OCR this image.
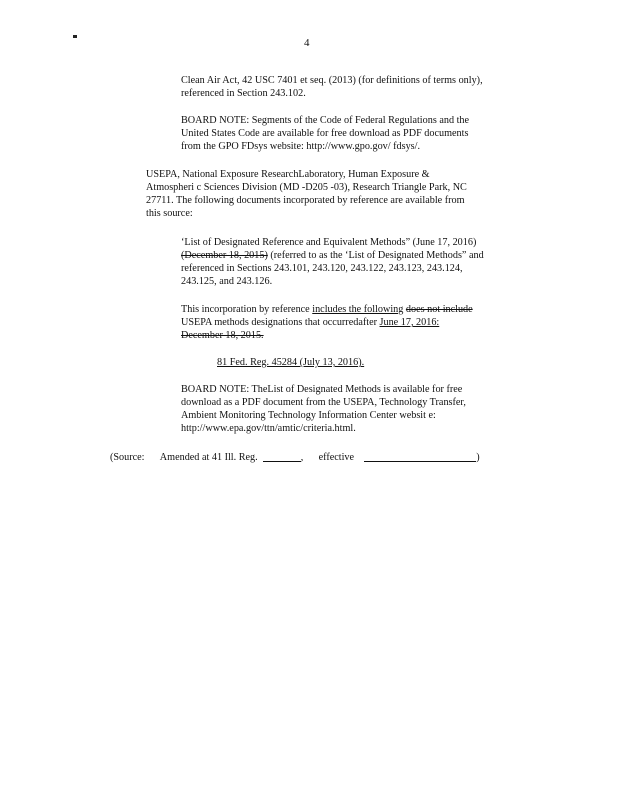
4
Clean Air Act, 42 USC 7401 et seq. (2013) (for definitions of terms only),
referenced in Section 243.102.
BOARD NOTE: Segments of the Code of Federal Regulations and the
United States Code are available for free download as PDF documents
from the GPO FDsys website: http://www.gpo.gov/ fdsys/.
USEPA, National Exposure ResearchLaboratory, Human Exposure &
Atmospheri c Sciences Division (MD -D205 -03), Research Triangle Park, NC
27711. The following documents incorporated by reference are available from
this source:
‘List of Designated Reference and Equivalent Methods” (June 17, 2016)
(December 18, 2015)
(referred to as the ‘List of Designated Methods” and
referenced in Sections 243.101, 243.120, 243.122, 243.123, 243.124,
243.125, and 243.126.
This incorporation by reference
includes the following
does not include
USEPA methods designations that occurredafter
June 17, 2016:
December 18, 2015.
81 Fed. Reg. 45284 (July 13, 2016).
BOARD NOTE: TheList of Designated Methods is available for free
download as a PDF document from the USEPA, Technology Transfer,
Ambient Monitoring Technology Information Center websit e:
http://www.epa.gov/ttn/amtic/criteria.html.
(Source:
Amended at 41 Ill. Reg.
	,
effective
	)
